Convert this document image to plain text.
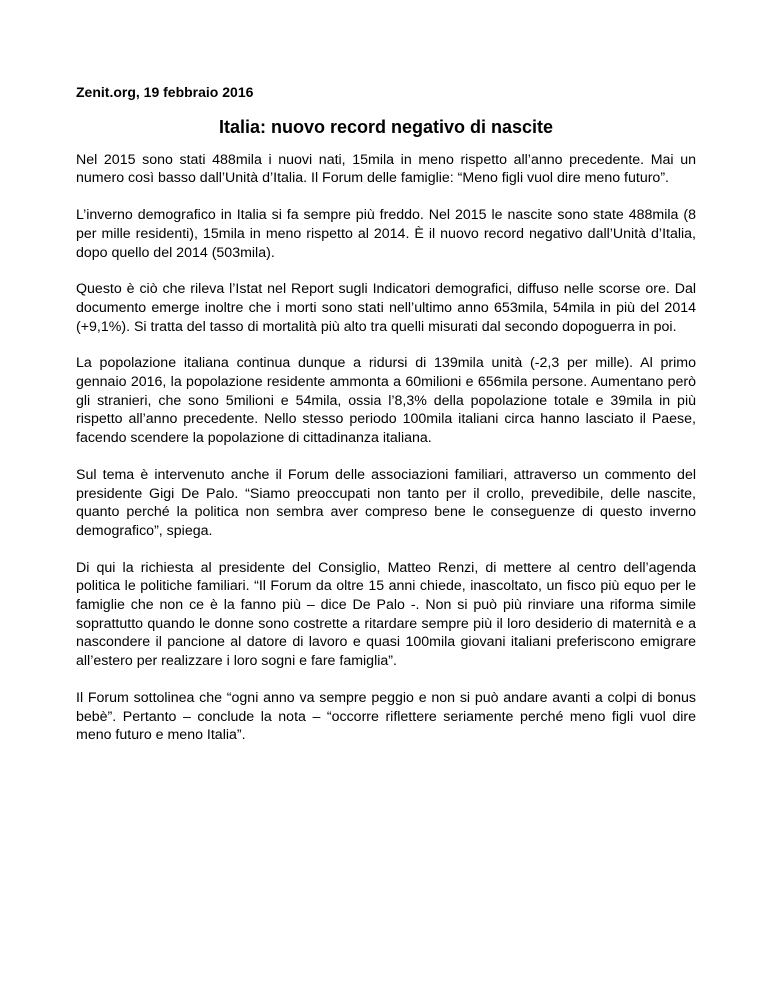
Zenit.org, 19 febbraio 2016

Italia: nuovo record negativo di nascite

Nel 2015 sono stati 488mila i nuovi nati, 15mila in meno rispetto all’anno precedente. Mai un numero così basso dall’Unità d’Italia. Il Forum delle famiglie: “Meno figli vuol dire meno futuro”.

L’inverno demografico in Italia si fa sempre più freddo. Nel 2015 le nascite sono state 488mila (8 per mille residenti), 15mila in meno rispetto al 2014. È il nuovo record negativo dall’Unità d’Italia, dopo quello del 2014 (503mila).

Questo è ciò che rileva l’Istat nel Report sugli Indicatori demografici, diffuso nelle scorse ore. Dal documento emerge inoltre che i morti sono stati nell’ultimo anno 653mila, 54mila in più del 2014 (+9,1%). Si tratta del tasso di mortalità più alto tra quelli misurati dal secondo dopoguerra in poi.

La popolazione italiana continua dunque a ridursi di 139mila unità (-2,3 per mille). Al primo gennaio 2016, la popolazione residente ammonta a 60milioni e 656mila persone. Aumentano però gli stranieri, che sono 5milioni e 54mila, ossia l’8,3% della popolazione totale e 39mila in più rispetto all’anno precedente. Nello stesso periodo 100mila italiani circa hanno lasciato il Paese, facendo scendere la popolazione di cittadinanza italiana.

Sul tema è intervenuto anche il Forum delle associazioni familiari, attraverso un commento del presidente Gigi De Palo. “Siamo preoccupati non tanto per il crollo, prevedibile, delle nascite, quanto perché la politica non sembra aver compreso bene le conseguenze di questo inverno demografico”, spiega.

Di qui la richiesta al presidente del Consiglio, Matteo Renzi, di mettere al centro dell’agenda politica le politiche familiari. “Il Forum da oltre 15 anni chiede, inascoltato, un fisco più equo per le famiglie che non ce è la fanno più – dice De Palo -. Non si può più rinviare una riforma simile soprattutto quando le donne sono costrette a ritardare sempre più il loro desiderio di maternità e a nascondere il pancione al datore di lavoro e quasi 100mila giovani italiani preferiscono emigrare all’estero per realizzare i loro sogni e fare famiglia”.

Il Forum sottolinea che “ogni anno va sempre peggio e non si può andare avanti a colpi di bonus bebè”. Pertanto – conclude la nota – “occorre riflettere seriamente perché meno figli vuol dire meno futuro e meno Italia”.
